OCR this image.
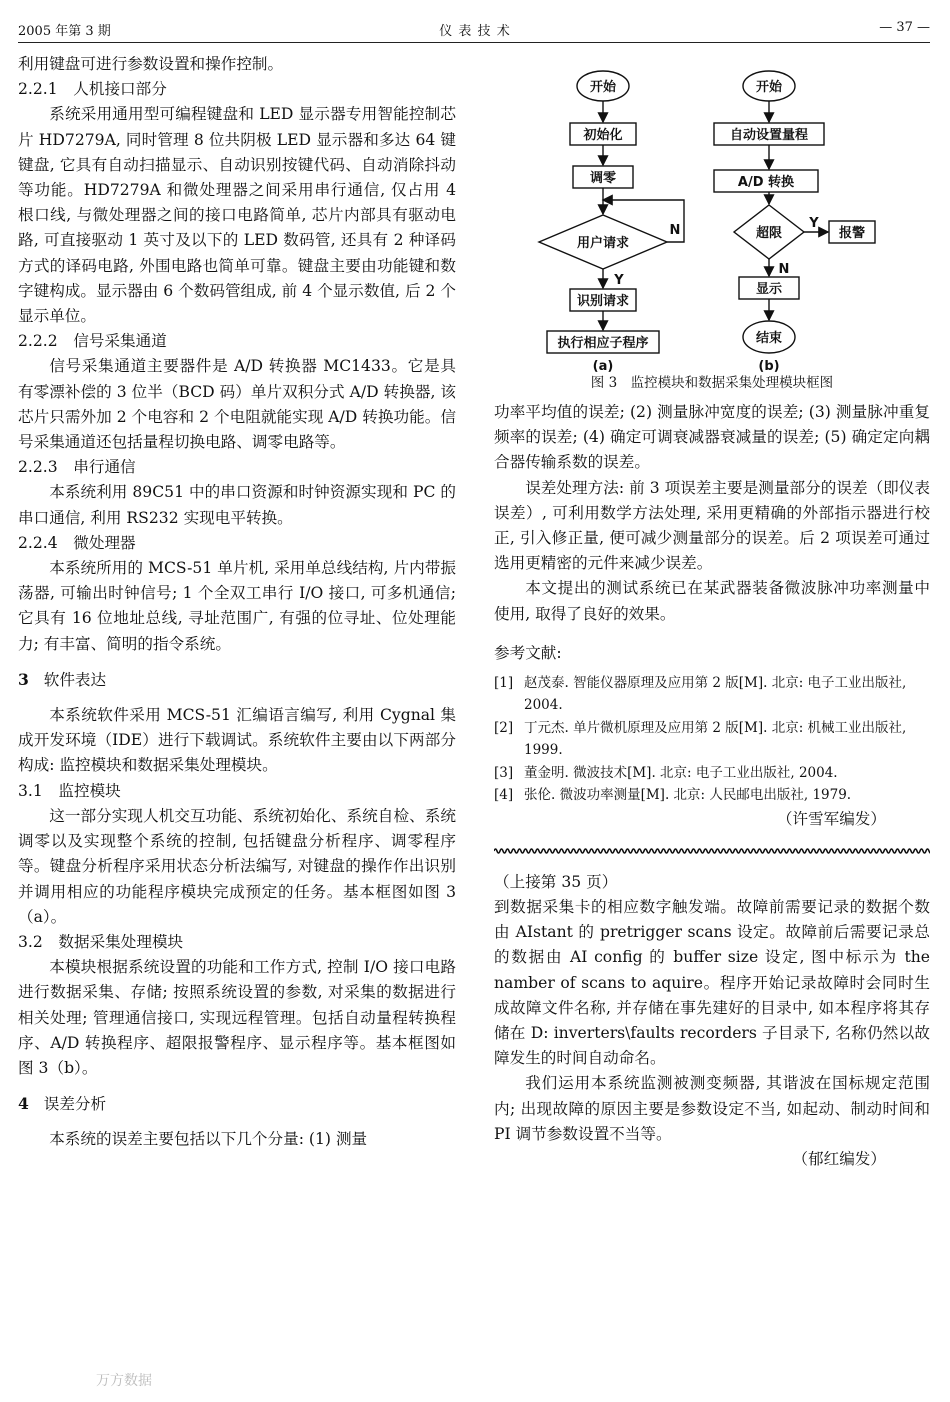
2005 年第 3 期	仪 表 技 术	— 37 —

利用键盘可进行参数设置和操作控制。

2.2.1　人机接口部分

系统采用通用型可编程键盘和 LED 显示器专用智能控制芯片 HD7279A, 同时管理 8 位共阴极 LED 显示器和多达 64 键键盘, 它具有自动扫描显示、自动识别按键代码、自动消除抖动等功能。HD7279A 和微处理器之间采用串行通信, 仅占用 4 根口线, 与微处理器之间的接口电路简单, 芯片内部具有驱动电路, 可直接驱动 1 英寸及以下的 LED 数码管, 还具有 2 种译码方式的译码电路, 外围电路也简单可靠。键盘主要由功能键和数字键构成。显示器由 6 个数码管组成, 前 4 个显示数值, 后 2 个显示单位。

2.2.2　信号采集通道

信号采集通道主要器件是 A/D 转换器 MC1433。它是具有零漂补偿的 3 位半（BCD 码）单片双积分式 A/D 转换器, 该芯片只需外加 2 个电容和 2 个电阻就能实现 A/D 转换功能。信号采集通道还包括量程切换电路、调零电路等。

2.2.3　串行通信

本系统利用 89C51 中的串口资源和时钟资源实现和 PC 的串口通信, 利用 RS232 实现电平转换。

2.2.4　微处理器

本系统所用的 MCS-51 单片机, 采用单总线结构, 片内带振荡器, 可输出时钟信号; 1 个全双工串行 I/O 接口, 可多机通信; 它具有 16 位地址总线, 寻址范围广, 有强的位寻址、位处理能力; 有丰富、简明的指令系统。

3 软件表达

本系统软件采用 MCS-51 汇编语言编写, 利用 Cygnal 集成开发环境（IDE）进行下载调试。系统软件主要由以下两部分构成: 监控模块和数据采集处理模块。

3.1　监控模块

这一部分实现人机交互功能、系统初始化、系统自检、系统调零以及实现整个系统的控制, 包括键盘分析程序、调零程序等。键盘分析程序采用状态分析法编写, 对键盘的操作作出识别并调用相应的功能程序模块完成预定的任务。基本框图如图 3（a）。

3.2　数据采集处理模块

本模块根据系统设置的功能和工作方式, 控制 I/O 接口电路进行数据采集、存储; 按照系统设置的参数, 对采集的数据进行相关处理; 管理通信接口, 实现远程管理。包括自动量程转换程序、A/D 转换程序、超限报警程序、显示程序等。基本框图如图 3（b）。

4 误差分析

本系统的误差主要包括以下几个分量: (1) 测量

开始
初始化
调零
用户请求
N
Y
识别请求
执行相应子程序
(a)
开始
自动设置量程
A/D 转换
超限
Y
报警
N
显示
结束
(b)
图 3　监控模块和数据采集处理模块框图

功率平均值的误差; (2) 测量脉冲宽度的误差; (3) 测量脉冲重复频率的误差; (4) 确定可调衰减器衰减量的误差; (5) 确定定向耦合器传输系数的误差。

误差处理方法: 前 3 项误差主要是测量部分的误差（即仪表误差）, 可利用数学方法处理, 采用更精确的外部指示器进行校正, 引入修正量, 便可减少测量部分的误差。后 2 项误差可通过选用更精密的元件来减少误差。

本文提出的测试系统已在某武器装备微波脉冲功率测量中使用, 取得了良好的效果。

参考文献:
[1] 赵茂泰. 智能仪器原理及应用第 2 版[M]. 北京: 电子工业出版社, 2004.
[2] 丁元杰. 单片微机原理及应用第 2 版[M]. 北京: 机械工业出版社, 1999.
[3] 董金明. 微波技术[M]. 北京: 电子工业出版社, 2004.
[4] 张伦. 微波功率测量[M]. 北京: 人民邮电出版社, 1979.
（许雪军编发）
（上接第 35 页）

到数据采集卡的相应数字触发端。故障前需要记录的数据个数由 AIstant 的 pretrigger scans 设定。故障前后需要记录总的数据由 AI config 的 buffer size 设定, 图中标示为 the namber of scans to aquire。程序开始记录故障时会同时生成故障文件名称, 并存储在事先建好的目录中, 如本程序将其存储在 D: inverters\faults recorders 子目录下, 名称仍然以故障发生的时间自动命名。

我们运用本系统监测被测变频器, 其谐波在国标规定范围内; 出现故障的原因主要是参数设定不当, 如起动、制动时间和 PI 调节参数设置不当等。

（郁红编发）
万方数据
